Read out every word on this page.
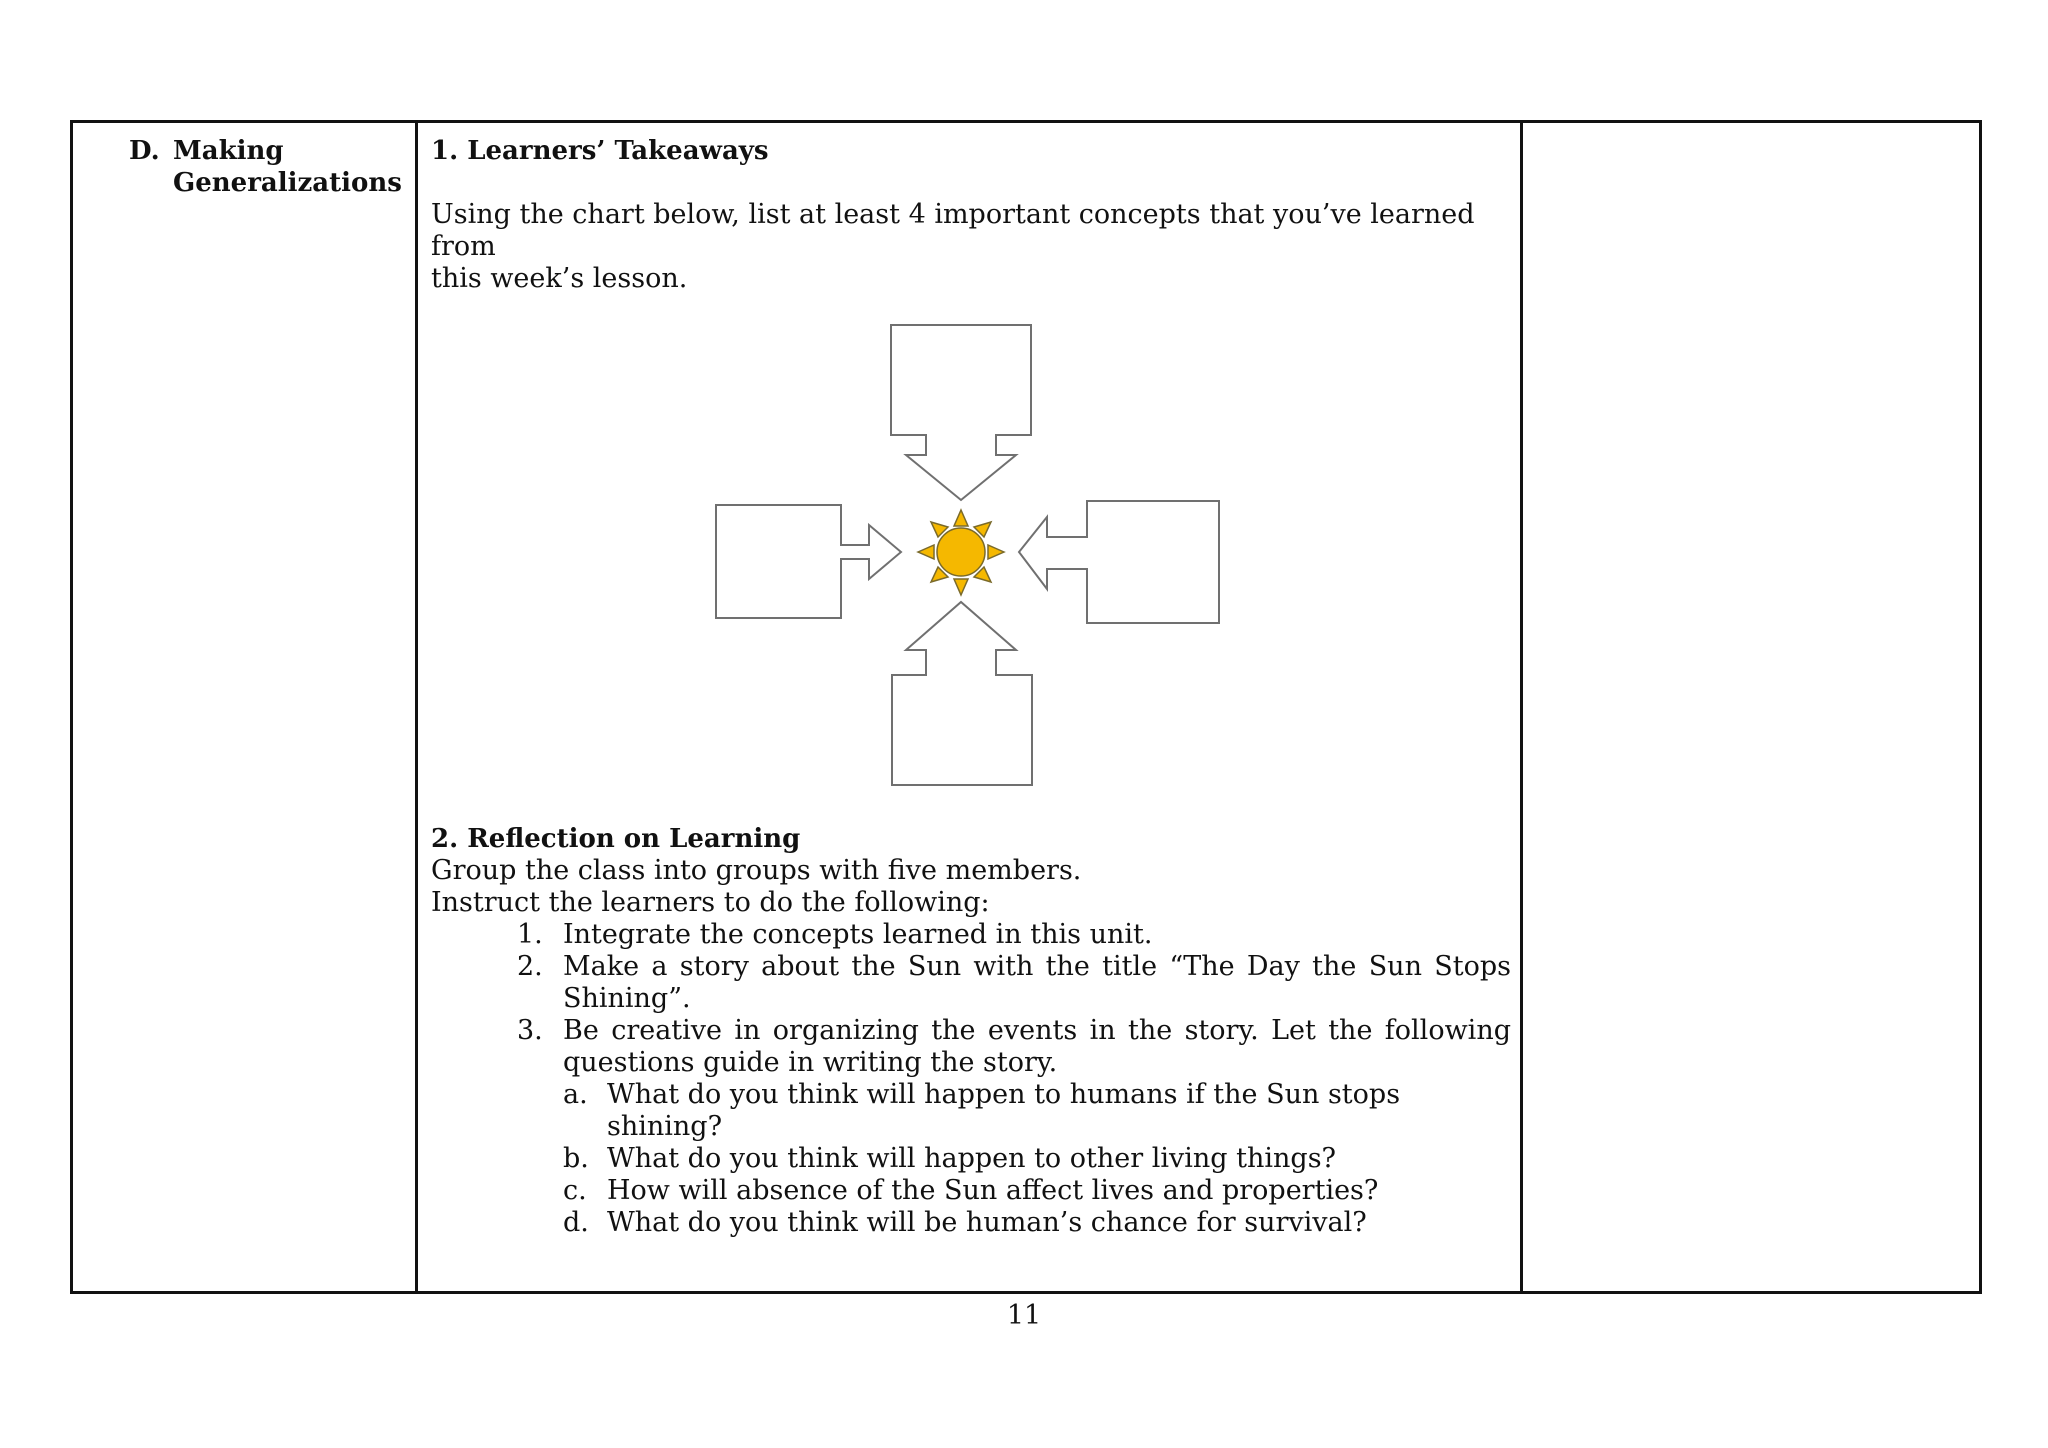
D. Making
Generalizations
1. Learners’ Takeaways
Using the chart below, list at least 4 important concepts that you’ve learned from
this week’s lesson.
2. Reflection on Learning
Group the class into groups with five members.
Instruct the learners to do the following:
1. Integrate the concepts learned in this unit.
2. Make a story about the Sun with the title “The Day the Sun Stops
Shining”.
3. Be creative in organizing the events in the story. Let the following
questions guide in writing the story.
a. What do you think will happen to humans if the Sun stops shining?
b. What do you think will happen to other living things?
c. How will absence of the Sun affect lives and properties?
d. What do you think will be human’s chance for survival?
11
